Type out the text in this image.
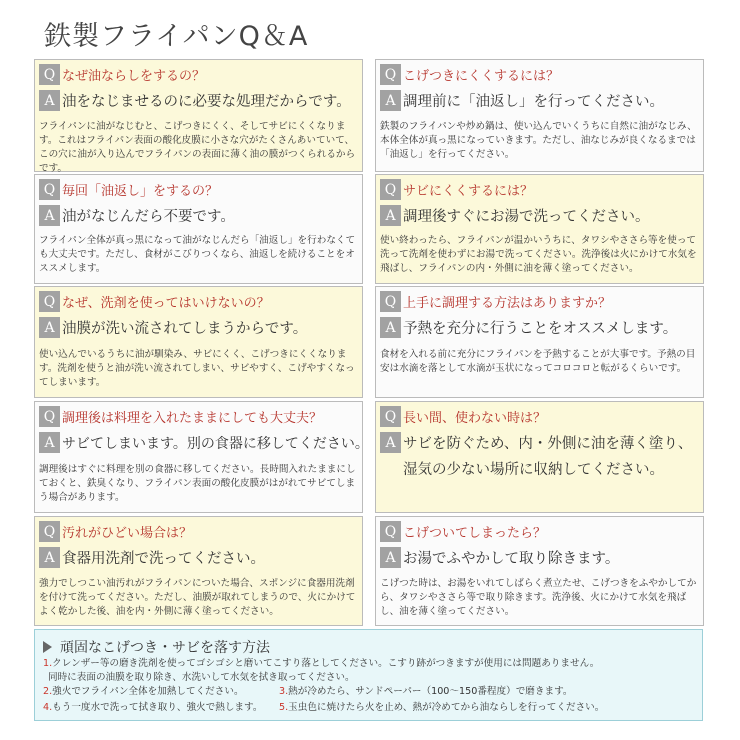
鉄製フライパンQ＆A
Q なぜ油ならしをするの？
A 油をなじませるのに必要な処理だからです。
フライパンに油がなじむと、こげつきにくく、そしてサビにくくなります。これはフライパン表面の酸化皮膜に小さな穴がたくさんあいていて、この穴に油が入り込んでフライパンの表面に薄く油の膜がつくられるからです。
Q こげつきにくくするには？
A 調理前に「油返し」を行ってください。
鉄製のフライパンや炒め鍋は、使い込んでいくうちに自然に油がなじみ、本体全体が真っ黒になっていきます。ただし、油なじみが良くなるまでは「油返し」を行ってください。
Q 毎回「油返し」をするの？
A 油がなじんだら不要です。
フライパン全体が真っ黒になって油がなじんだら「油返し」を行わなくても大丈夫です。ただし、食材がこびりつくなら、油返しを続けることをオススメします。
Q サビにくくするには？
A 調理後すぐにお湯で洗ってください。
使い終わったら、フライパンが温かいうちに、タワシやささら等を使って洗って洗剤を使わずにお湯で洗ってください。洗浄後は火にかけて水気を飛ばし、フライパンの内・外側に油を薄く塗ってください。
Q なぜ、洗剤を使ってはいけないの？
A 油膜が洗い流されてしまうからです。
使い込んでいるうちに油が馴染み、サビにくく、こげつきにくくなります。洗剤を使うと油が洗い流されてしまい、サビやすく、こげやすくなってしまいます。
Q 上手に調理する方法はありますか？
A 予熱を充分に行うことをオススメします。
食材を入れる前に充分にフライパンを予熱することが大事です。予熱の目安は水滴を落として水滴が玉状になってコロコロと転がるくらいです。
Q 調理後は料理を入れたままにしても大丈夫？
A サビてしまいます。別の食器に移してください。
調理後はすぐに料理を別の食器に移してください。長時間入れたままにしておくと、鉄臭くなり、フライパン表面の酸化皮膜がはがれてサビてしまう場合があります。
Q 長い間、使わない時は？
A サビを防ぐため、内・外側に油を薄く塗り、
湿気の少ない場所に収納してください。
Q 汚れがひどい場合は？
A 食器用洗剤で洗ってください。
強力でしつこい油汚れがフライパンについた場合、スポンジに食器用洗剤を付けて洗ってください。ただし、油膜が取れてしまうので、火にかけてよく乾かした後、油を内・外側に薄く塗ってください。
Q こげついてしまったら？
A お湯でふやかして取り除きます。
こげつた時は、お湯をいれてしばらく煮立たせ、こげつきをふやかしてから、タワシやささら等で取り除きます。洗浄後、火にかけて水気を飛ばし、油を薄く塗ってください。
頑固なこげつき・サビを落す方法
1.クレンザー等の磨き洗剤を使ってゴシゴシと磨いてこすり落としてください。こすり跡がつきますが使用には問題ありません。
同時に表面の油膜を取り除き、水洗いして水気を拭き取ってください。
2.強火でフライパン全体を加熱してください。	3.熱が冷めたら、サンドペーパー（100〜150番程度）で磨きます。
4.もう一度水で洗って拭き取り、強火で熱します。 5.玉虫色に焼けたら火を止め、熱が冷めてから油ならしを行ってください。
